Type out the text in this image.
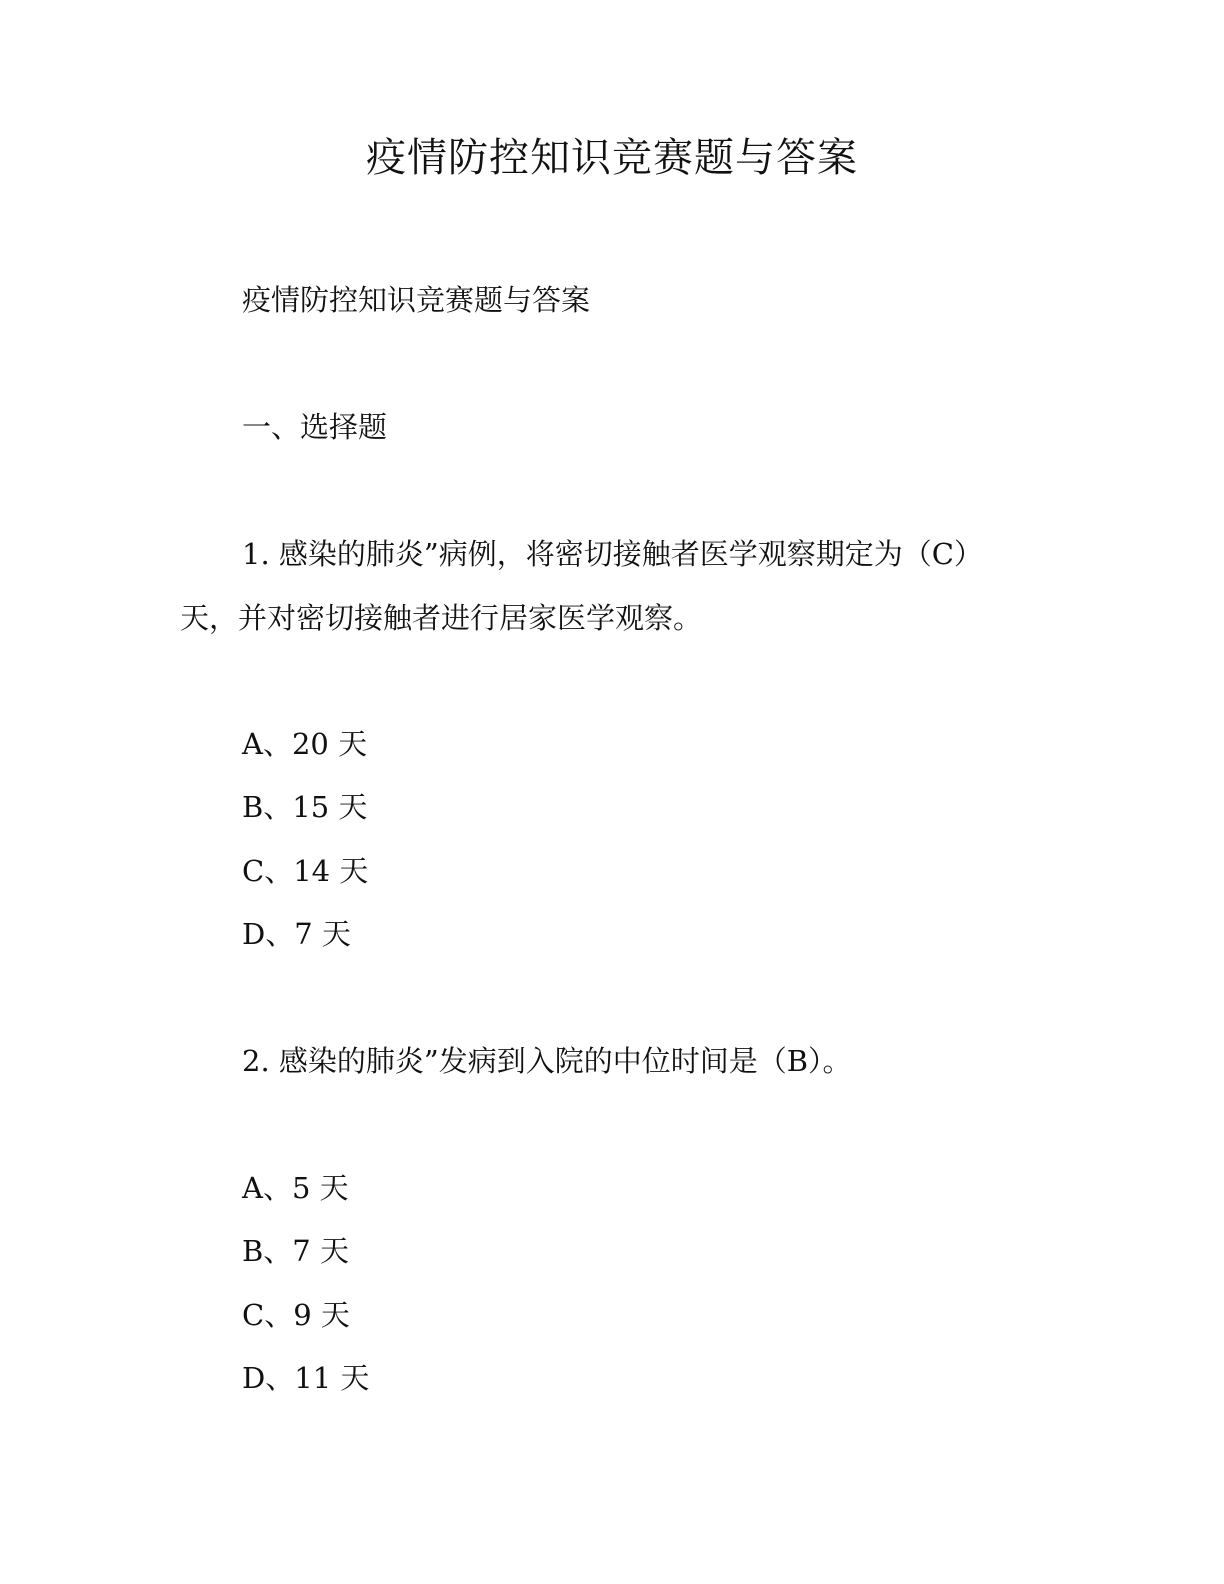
疫情防控知识竞赛题与答案

疫情防控知识竞赛题与答案

一、选择题

1. 感染的肺炎”病例，将密切接触者医学观察期定为（C）

天，并对密切接触者进行居家医学观察。

A、20 天
B、15 天
C、14 天
D、7 天

2. 感染的肺炎”发病到入院的中位时间是（B）。

A、5 天
B、7 天
C、9 天
D、11 天
